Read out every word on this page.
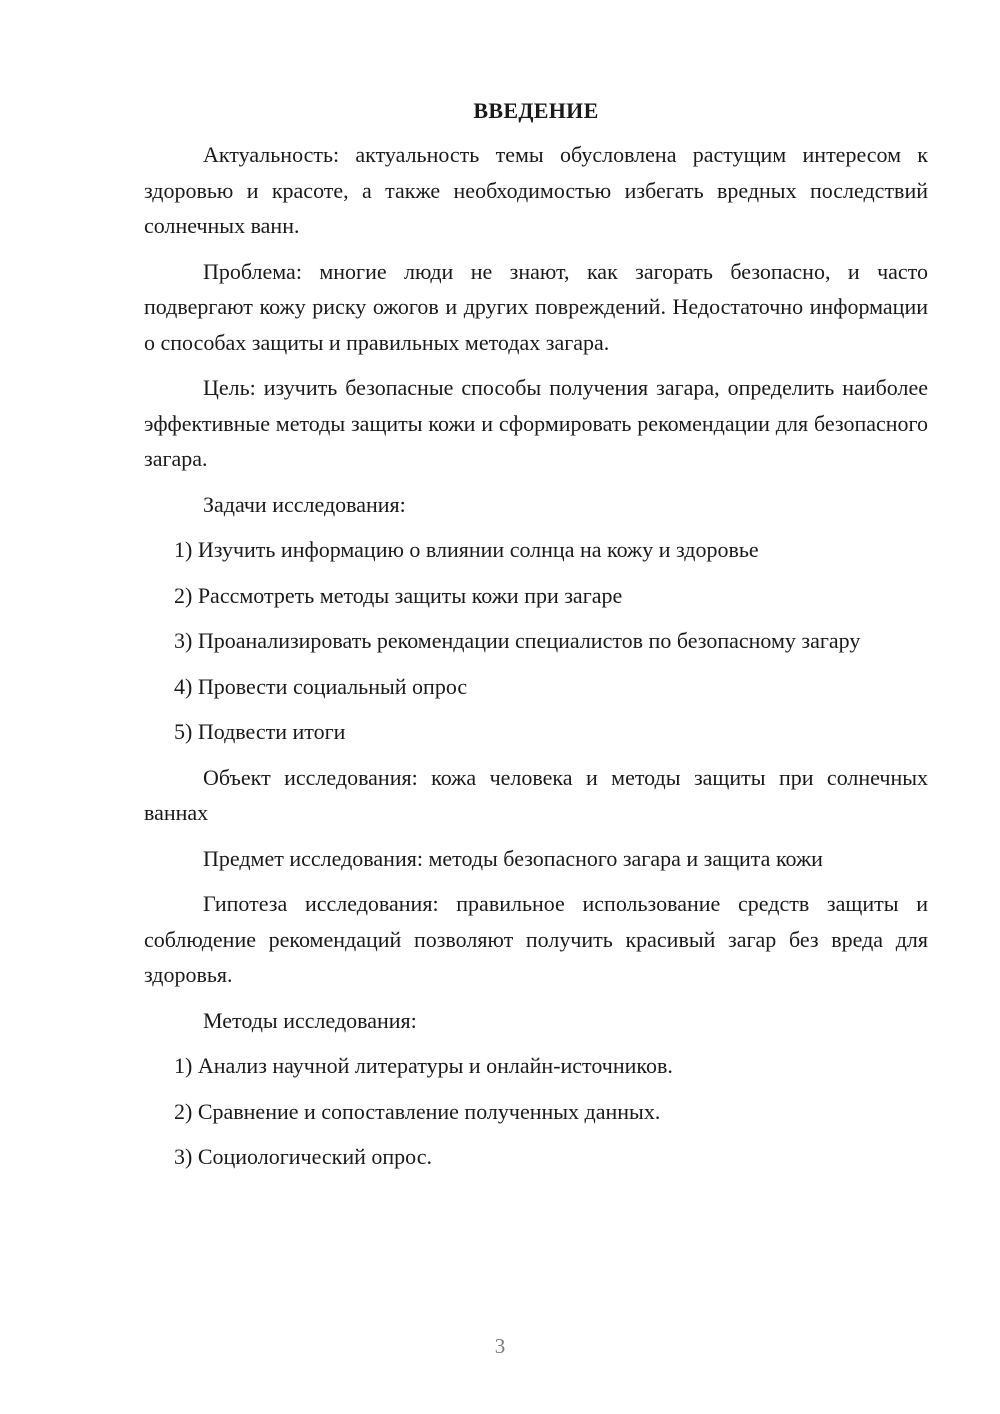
ВВЕДЕНИЕ

Актуальность: актуальность темы обусловлена растущим интересом к здоровью и красоте, а также необходимостью избегать вредных последствий солнечных ванн.

Проблема: многие люди не знают, как загорать безопасно, и часто подвергают кожу риску ожогов и других повреждений. Недостаточно информации о способах защиты и правильных методах загара.

Цель: изучить безопасные способы получения загара, определить наиболее эффективные методы защиты кожи и сформировать рекомендации для безопасного загара.

Задачи исследования:

1) Изучить информацию о влиянии солнца на кожу и здоровье

2) Рассмотреть методы защиты кожи при загаре

3) Проанализировать рекомендации специалистов по безопасному загару

4) Провести социальный опрос

5) Подвести итоги

Объект исследования: кожа человека и методы защиты при солнечных ваннах

Предмет исследования: методы безопасного загара и защита кожи

Гипотеза исследования: правильное использование средств защиты и соблюдение рекомендаций позволяют получить красивый загар без вреда для здоровья.

Методы исследования:

1) Анализ научной литературы и онлайн-источников.

2) Сравнение и сопоставление полученных данных.

3) Социологический опрос.

3
